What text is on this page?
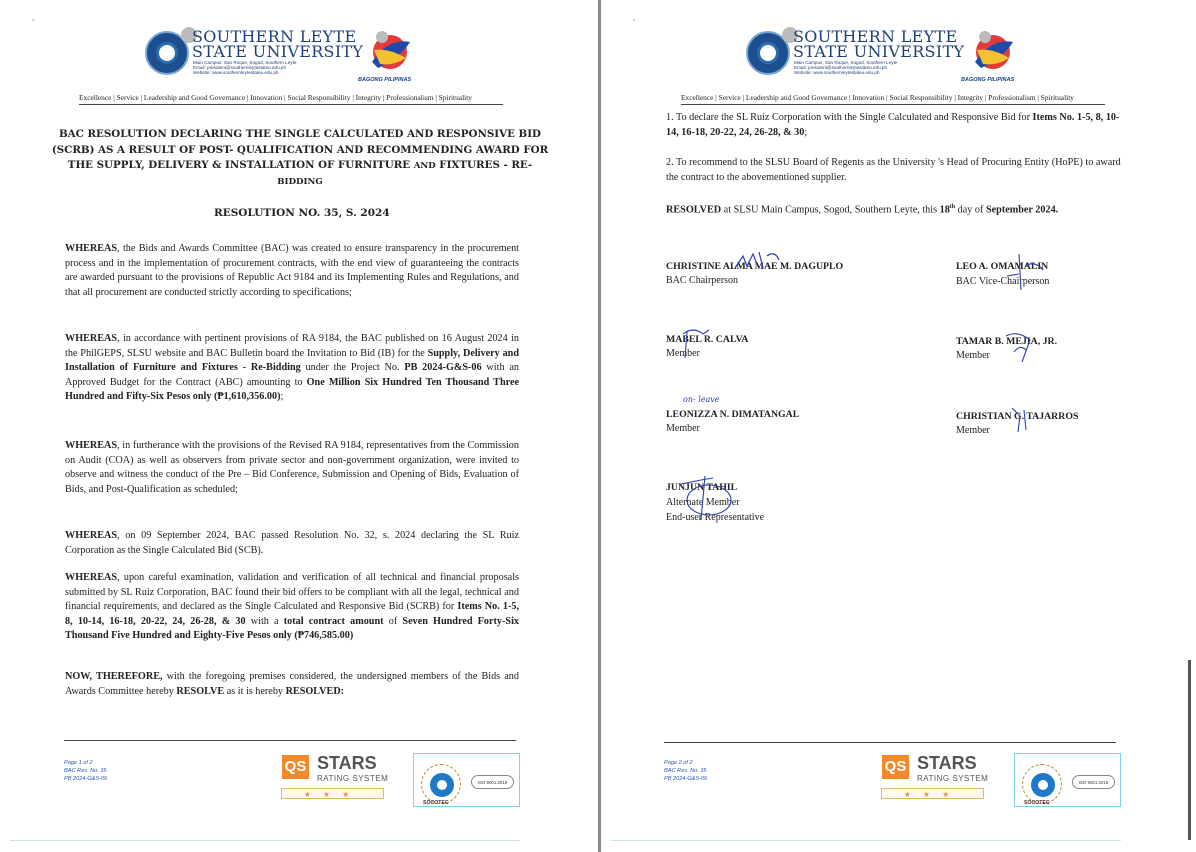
'
SOUTHERN LEYTE
STATE UNIVERSITY
Main Campus, San Roque, Sogod, Southern Leyte
Email: president@southernleytestateu.edu.ph
Website: www.southernleytestateu.edu.ph
BAGONG PILIPINAS
Excellence | Service | Leadership and Good Governance | Innovation | Social Responsibility | Integrity | Professionalism | Spirituality
BAC RESOLUTION DECLARING THE SINGLE CALCULATED AND RESPONSIVE BID
(SCRB) AS A RESULT OF POST- QUALIFICATION AND RECOMMENDING AWARD FOR
THE SUPPLY, DELIVERY & INSTALLATION OF FURNITURE AND FIXTURES - RE-
BIDDING
RESOLUTION NO. 35, S. 2024
WHEREAS, the Bids and Awards Committee (BAC) was created to ensure transparency in the procurement process and in the implementation of procurement contracts, with the end view of guaranteeing the contracts are awarded pursuant to the provisions of Republic Act 9184 and its Implementing Rules and Regulations, and that all procurement are conducted strictly according to specifications;
WHEREAS, in accordance with pertinent provisions of RA 9184, the BAC published on 16 August 2024 in the PhilGEPS, SLSU website and BAC Bulletin board the Invitation to Bid (IB) for the Supply, Delivery and Installation of Furniture and Fixtures - Re-Bidding under the Project No. PB 2024-G&S-06 with an Approved Budget for the Contract (ABC) amounting to One Million Six Hundred Ten Thousand Three Hundred and Fifty-Six Pesos only (₱1,610,356.00);
WHEREAS, in furtherance with the provisions of the Revised RA 9184, representatives from the Commission on Audit (COA) as well as observers from private sector and non-government organization, were invited to observe and witness the conduct of the Pre – Bid Conference, Submission and Opening of Bids, Evaluation of Bids, and Post-Qualification as scheduled;
WHEREAS, on 09 September 2024, BAC passed Resolution No. 32, s. 2024 declaring the SL Ruiz Corporation as the Single Calculated Bid (SCB).
WHEREAS, upon careful examination, validation and verification of all technical and financial proposals submitted by SL Ruiz Corporation, BAC found their bid offers to be compliant with all the legal, technical and financial requirements, and declared as the Single Calculated and Responsive Bid (SCRB) for Items No. 1-5, 8, 10-14, 16-18, 20-22, 24, 26-28, & 30 with a total contract amount of Seven Hundred Forty-Six Thousand Five Hundred and Eighty-Five Pesos only (₱746,585.00)
NOW, THEREFORE, with the foregoing premises considered, the undersigned members of the Bids and Awards Committee hereby RESOLVE as it is hereby RESOLVED:
Page 1 of 2
BAC Res. No. 35
PB 2024-G&S-06
QS STARS
RATING SYSTEM
★★★
ISO 9001:2015
SOCOTEC
'
SOUTHERN LEYTE
STATE UNIVERSITY
Main Campus, San Roque, Sogod, Southern Leyte
Email: president@southernleytestateu.edu.ph
Website: www.southernleytestateu.edu.ph
BAGONG PILIPINAS
Excellence | Service | Leadership and Good Governance | Innovation | Social Responsibility | Integrity | Professionalism | Spirituality
1. To declare the SL Ruiz Corporation with the Single Calculated and Responsive Bid for Items No. 1-5, 8, 10-14, 16-18, 20-22, 24, 26-28, & 30;
2. To recommend to the SLSU Board of Regents as the University 's Head of Procuring Entity (HoPE) to award the contract to the abovementioned supplier.
RESOLVED at SLSU Main Campus, Sogod, Southern Leyte, this 18th day of September 2024.
CHRISTINE ALMA MAE M. DAGUPLO
BAC Chairperson
LEO A. OMAMALIN
BAC Vice-Chairperson
MABEL R. CALVA
Member
TAMAR B. MEJIA, JR.
Member
on- leave
LEONIZZA N. DIMATANGAL
Member
CHRISTIAN G. TAJARROS
Member
JUNJUN TAHIL
Alternate Member
End-user Representative
Page 2 of 2
BAC Res. No. 35
PB 2024-G&S-06
QS STARS
RATING SYSTEM
★★★
ISO 9001:2015
SOCOTEC
